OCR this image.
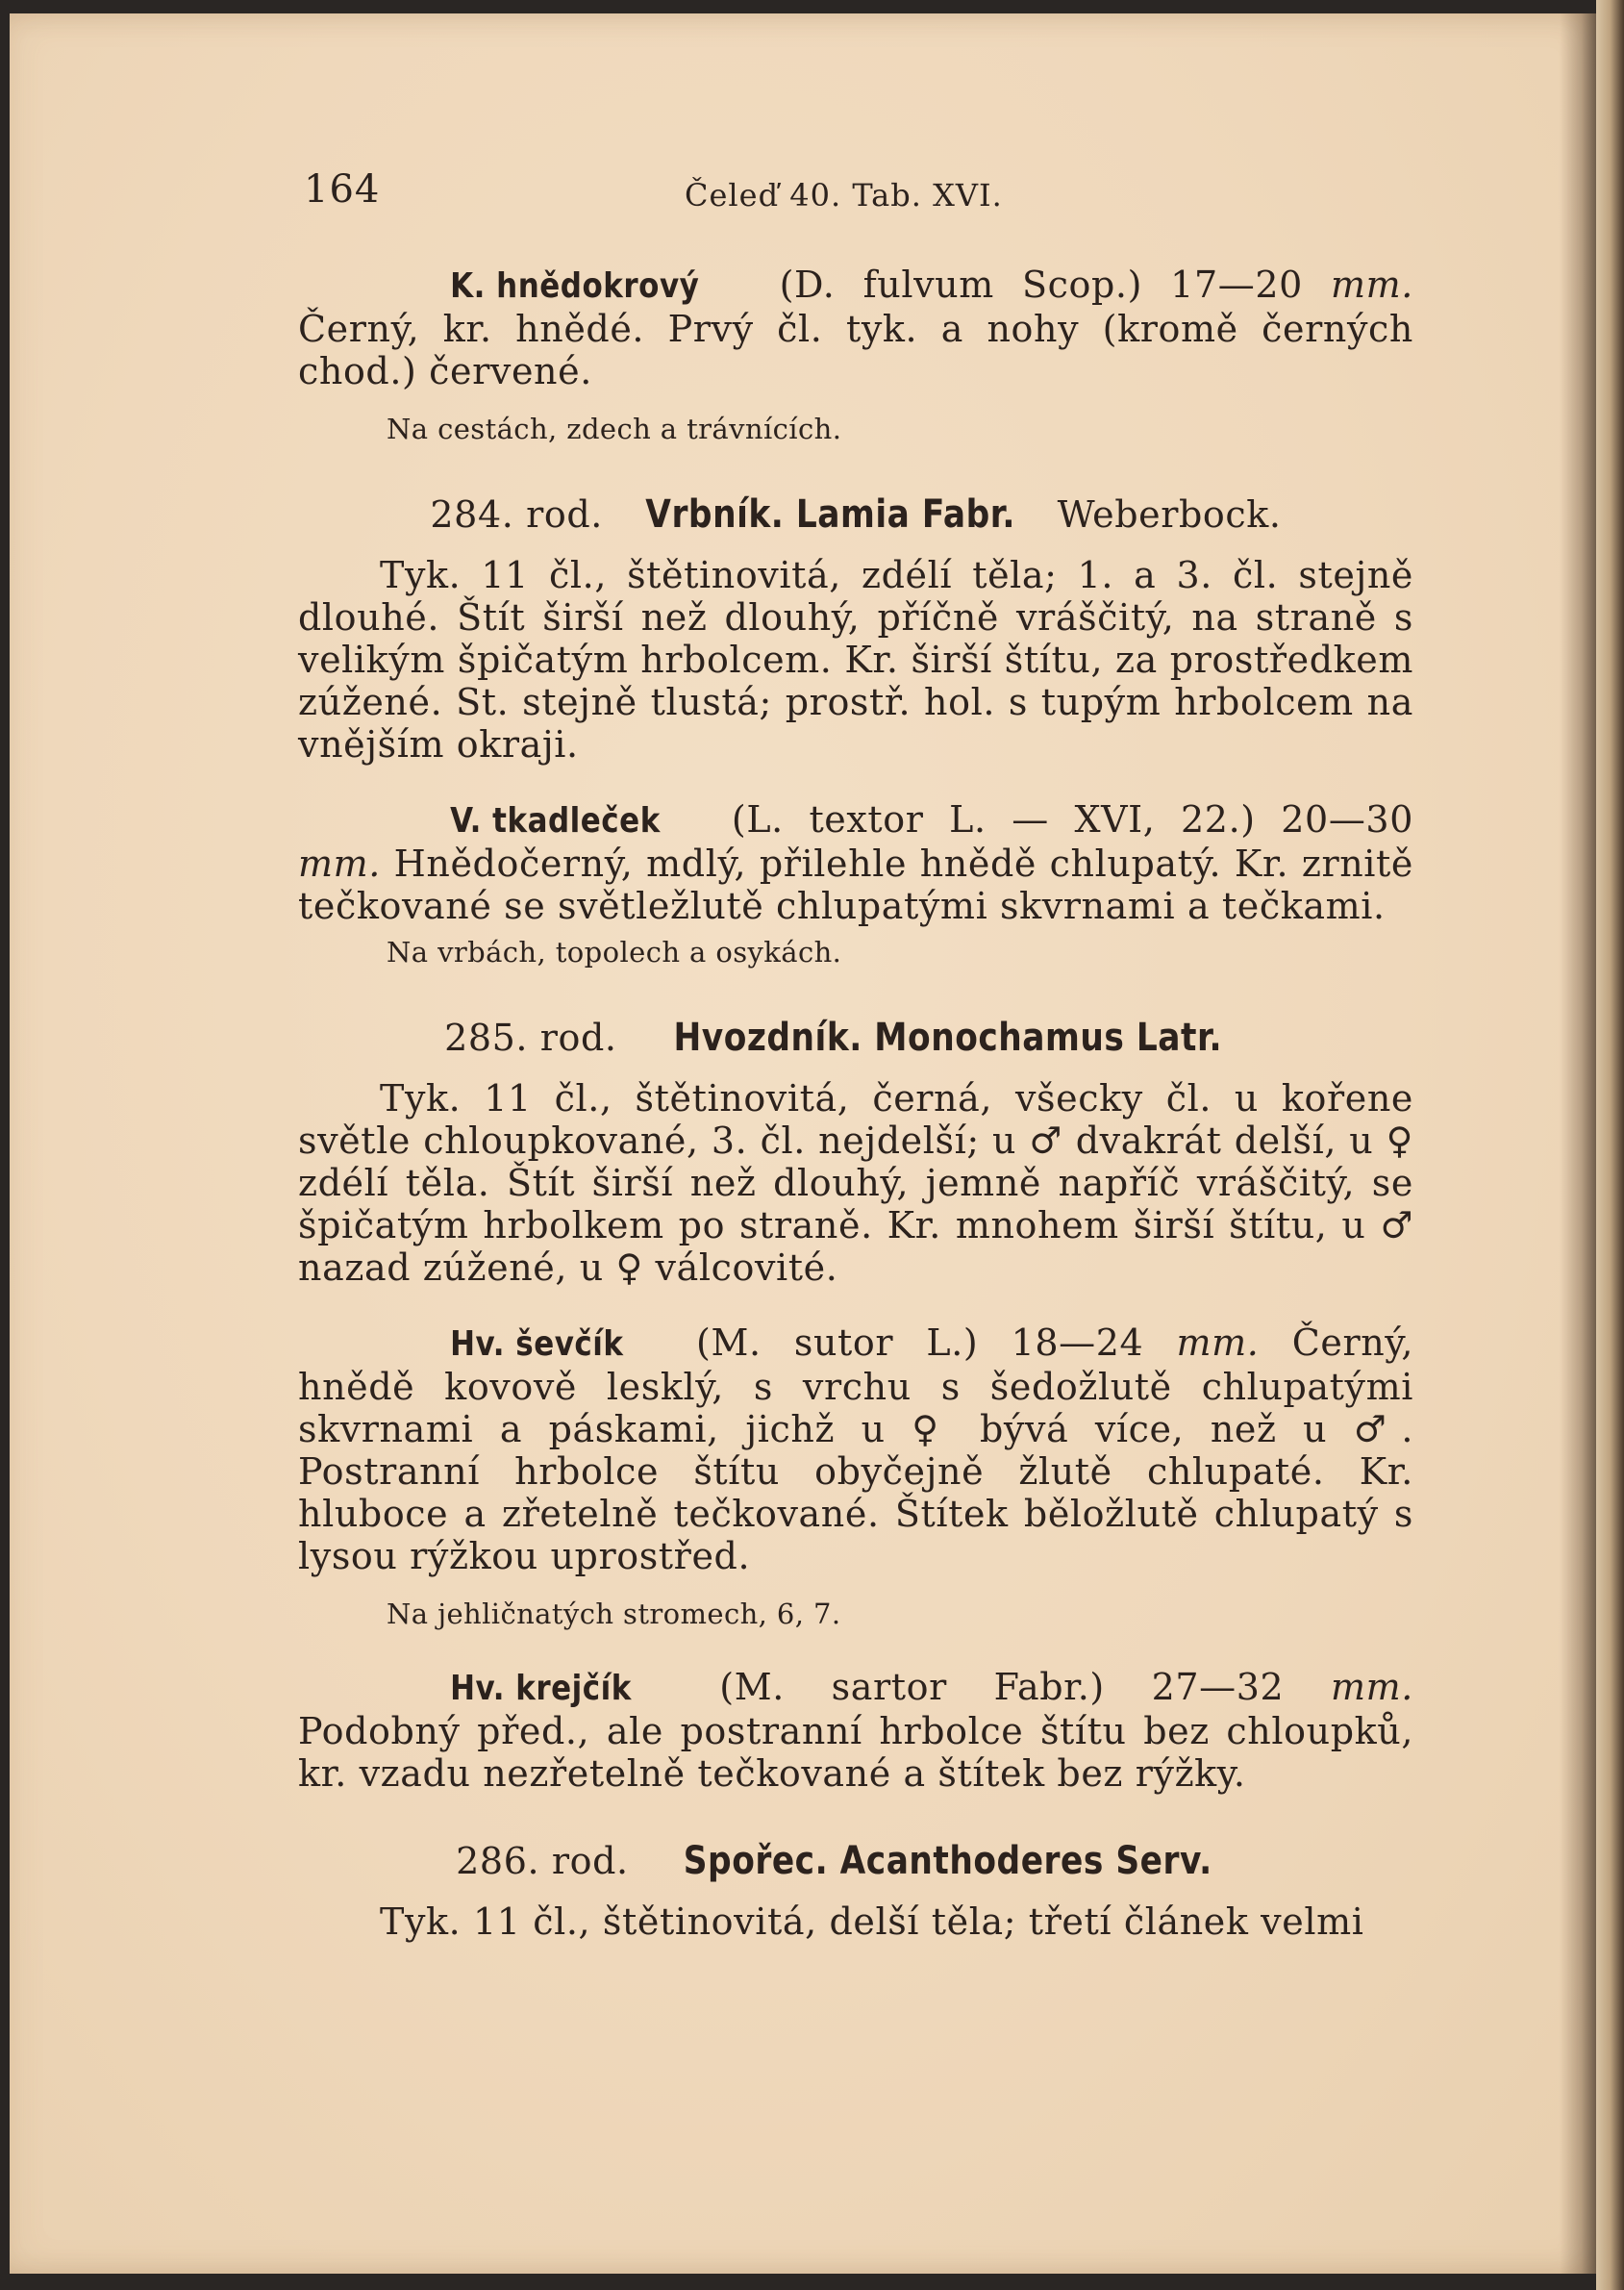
164	Čeleď 40. Tab. XVI.

K. hnědokrový (D. fulvum Scop.) 17—20 mm. Černý, kr. hnědé. Prvý čl. tyk. a nohy (kromě černých chod.) červené.

Na cestách, zdech a trávnících.
284. rod. Vrbník. Lamia Fabr. Weberbock.

Tyk. 11 čl., štětinovitá, zdélí těla; 1. a 3. čl. stejně dlouhé. Štít širší než dlouhý, příčně vráščitý, na straně s velikým špičatým hrbolcem. Kr. širší štítu, za prostředkem zúžené. St. stejně tlustá; prostř. hol. s tupým hrbolcem na vnějším okraji.

V. tkadleček (L. textor L. — XVI, 22.) 20—30 mm. Hnědočerný, mdlý, přilehle hnědě chlupatý. Kr. zrnitě tečkované se světležlutě chlupatými skvrnami a tečkami.

Na vrbách, topolech a osykách.
285. rod. Hvozdník. Monochamus Latr.

Tyk. 11 čl., štětinovitá, černá, všecky čl. u kořene světle chloupkované, 3. čl. nejdelší; u ♂ dvakrát delší, u ♀ zdélí těla. Štít širší než dlouhý, jemně napříč vráščitý, se špičatým hrbolkem po straně. Kr. mnohem širší štítu, u ♂ nazad zúžené, u ♀ válcovité.

Hv. ševčík (M. sutor L.) 18—24 mm. Černý, hnědě kovově lesklý, s vrchu s šedožlutě chlupatými skvrnami a páskami, jichž u ♀ bývá více, než u ♂. Postranní hrbolce štítu obyčejně žlutě chlupaté. Kr. hluboce a zřetelně tečkované. Štítek běložlutě chlupatý s lysou rýžkou uprostřed.

Na jehličnatých stromech, 6, 7.

Hv. krejčík (M. sartor Fabr.) 27—32 mm. Podobný před., ale postranní hrbolce štítu bez chloupků, kr. vzadu nezřetelně tečkované a štítek bez rýžky.

286. rod. Spořec. Acanthoderes Serv.

Tyk. 11 čl., štětinovitá, delší těla; třetí článek velmi
